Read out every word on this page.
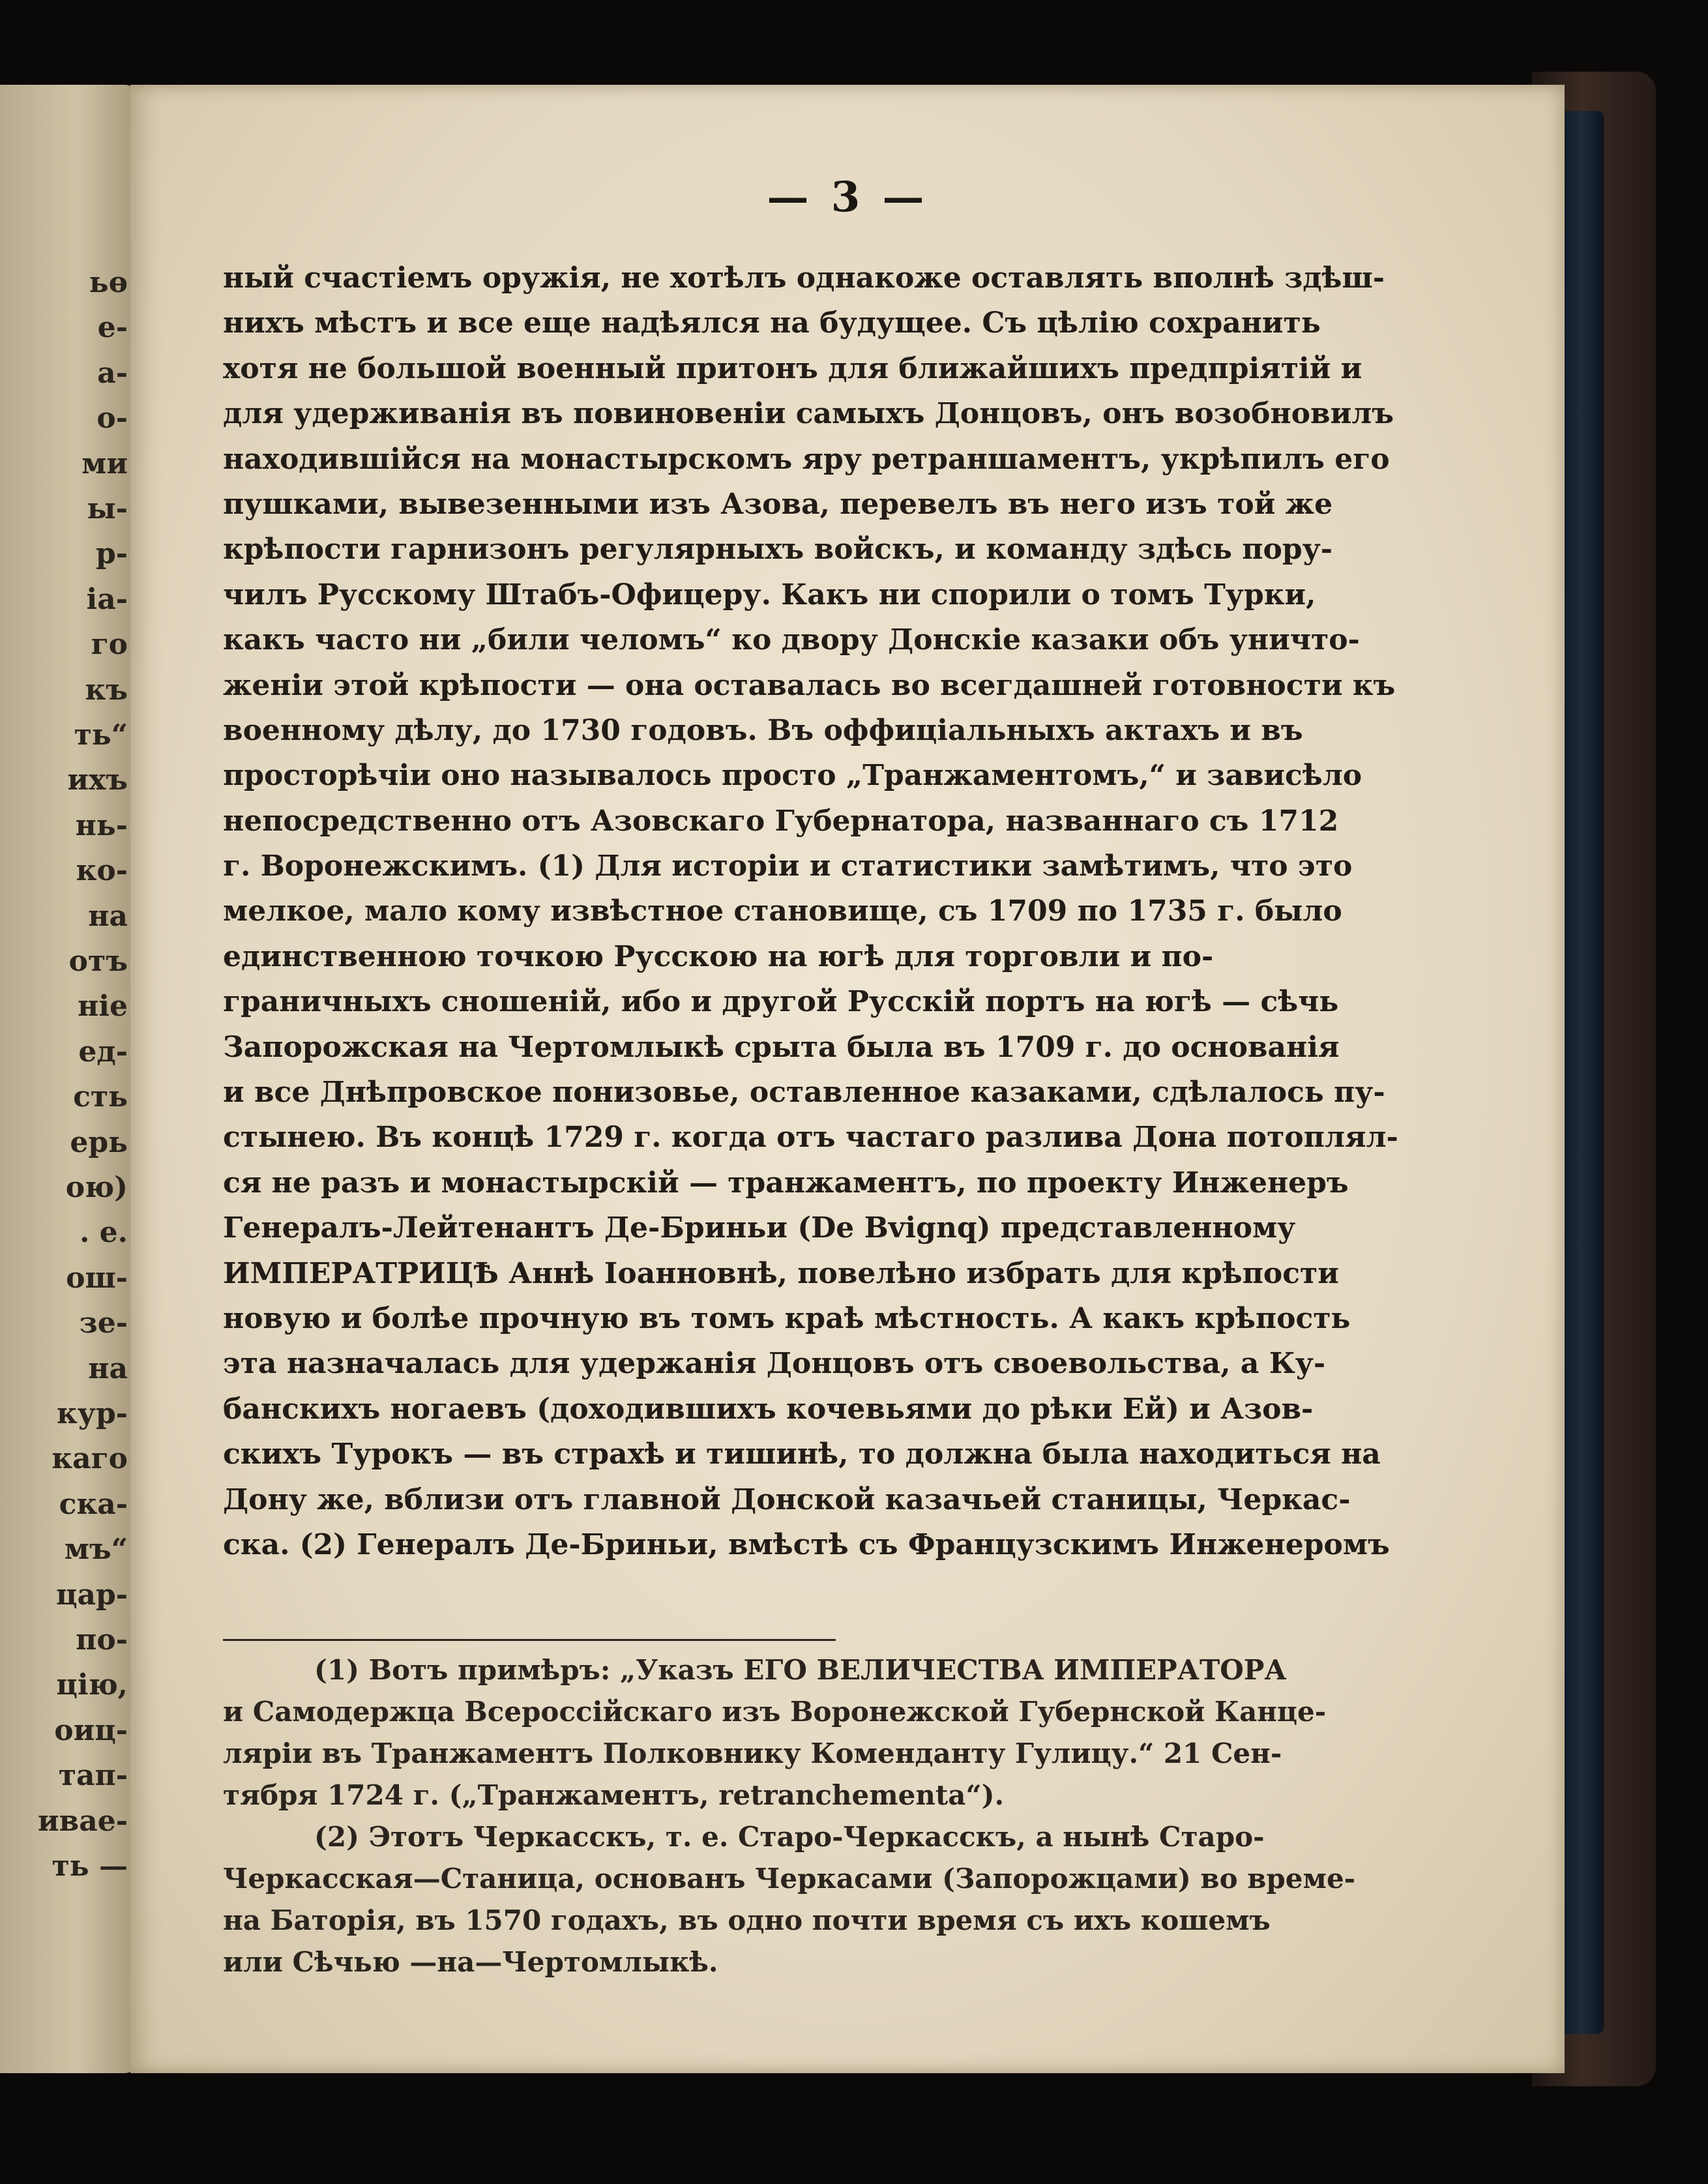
ьө
е-
а-
о-
ми
ы-
р-
іа-
го
къ
ть“
ихъ
нь-
ко-
на
отъ
ніе
ед-
сть
ерь
ою)
. е.
ош-
зе-
на
кур-
каго
ска-
мъ“
цар-
по-
цію,
оиц-
тап-
ивае-
ть —
— 3 —
ный счастіемъ оружія, не хотѣлъ однакоже оставлять вполнѣ здѣш-
нихъ мѣстъ и все еще надѣялся на будущее. Съ цѣлію сохранить
хотя не большой военный притонъ для ближайшихъ предпріятій и
для удерживанія въ повиновеніи самыхъ Донцовъ, онъ возобновилъ
находившійся на монастырскомъ яру ретраншаментъ, укрѣпилъ его
пушками, вывезенными изъ Азова, перевелъ въ него изъ той же
крѣпости гарнизонъ регулярныхъ войскъ, и команду здѣсь пору-
чилъ Русскому Штабъ-Офицеру. Какъ ни спорили о томъ Турки,
какъ часто ни „били челомъ“ ко двору Донскіе казаки объ уничто-
женіи этой крѣпости — она оставалась во всегдашней готовности къ
военному дѣлу, до 1730 годовъ. Въ оффиціальныхъ актахъ и въ
просторѣчіи оно называлось просто „Транжаментомъ,“ и зависѣло
непосредственно отъ Азовскаго Губернатора, названнаго съ 1712
г. Воронежскимъ. (1) Для исторіи и статистики замѣтимъ, что это
мелкое, мало кому извѣстное становище, съ 1709 по 1735 г. было
единственною точкою Русскою на югѣ для торговли и по-
граничныхъ сношеній, ибо и другой Русскій портъ на югѣ — сѣчь
Запорожская на Чертомлыкѣ срыта была въ 1709 г. до основанія
и все Днѣпровское понизовье, оставленное казаками, сдѣлалось пу-
стынею. Въ концѣ 1729 г. когда отъ частаго разлива Дона потоплял-
ся не разъ и монастырскій — транжаментъ, по проекту Инженеръ
Генералъ-Лейтенантъ Де-Бриньи (De Bvignq) представленному
ИМПЕРАТРИЦѢ Аннѣ Іоанновнѣ, повелѣно избрать для крѣпости
новую и болѣе прочную въ томъ краѣ мѣстность. А какъ крѣпость
эта назначалась для удержанія Донцовъ отъ своевольства, а Ку-
банскихъ ногаевъ (доходившихъ кочевьями до рѣки Ей) и Азов-
скихъ Турокъ — въ страхѣ и тишинѣ, то должна была находиться на
Дону же, вблизи отъ главной Донской казачьей станицы, Черкас-
ска. (2) Генералъ Де-Бриньи, вмѣстѣ съ Французскимъ Инженеромъ
(1) Вотъ примѣръ: „Указъ ЕГО ВЕЛИЧЕСТВА ИМПЕРАТОРА
и Самодержца Всероссійскаго изъ Воронежской Губернской Канце-
ляріи въ Транжаментъ Полковнику Коменданту Гулицу.“ 21 Сен-
тября 1724 г. („Транжаментъ, retranchementa“).
(2) Этотъ Черкасскъ, т. е. Старо-Черкасскъ, а нынѣ Старо-
Черкасская—Станица, основанъ Черкасами (Запорожцами) во време-
на Баторія, въ 1570 годахъ, въ одно почти время съ ихъ кошемъ
или Сѣчью —на—Чертомлыкѣ.
